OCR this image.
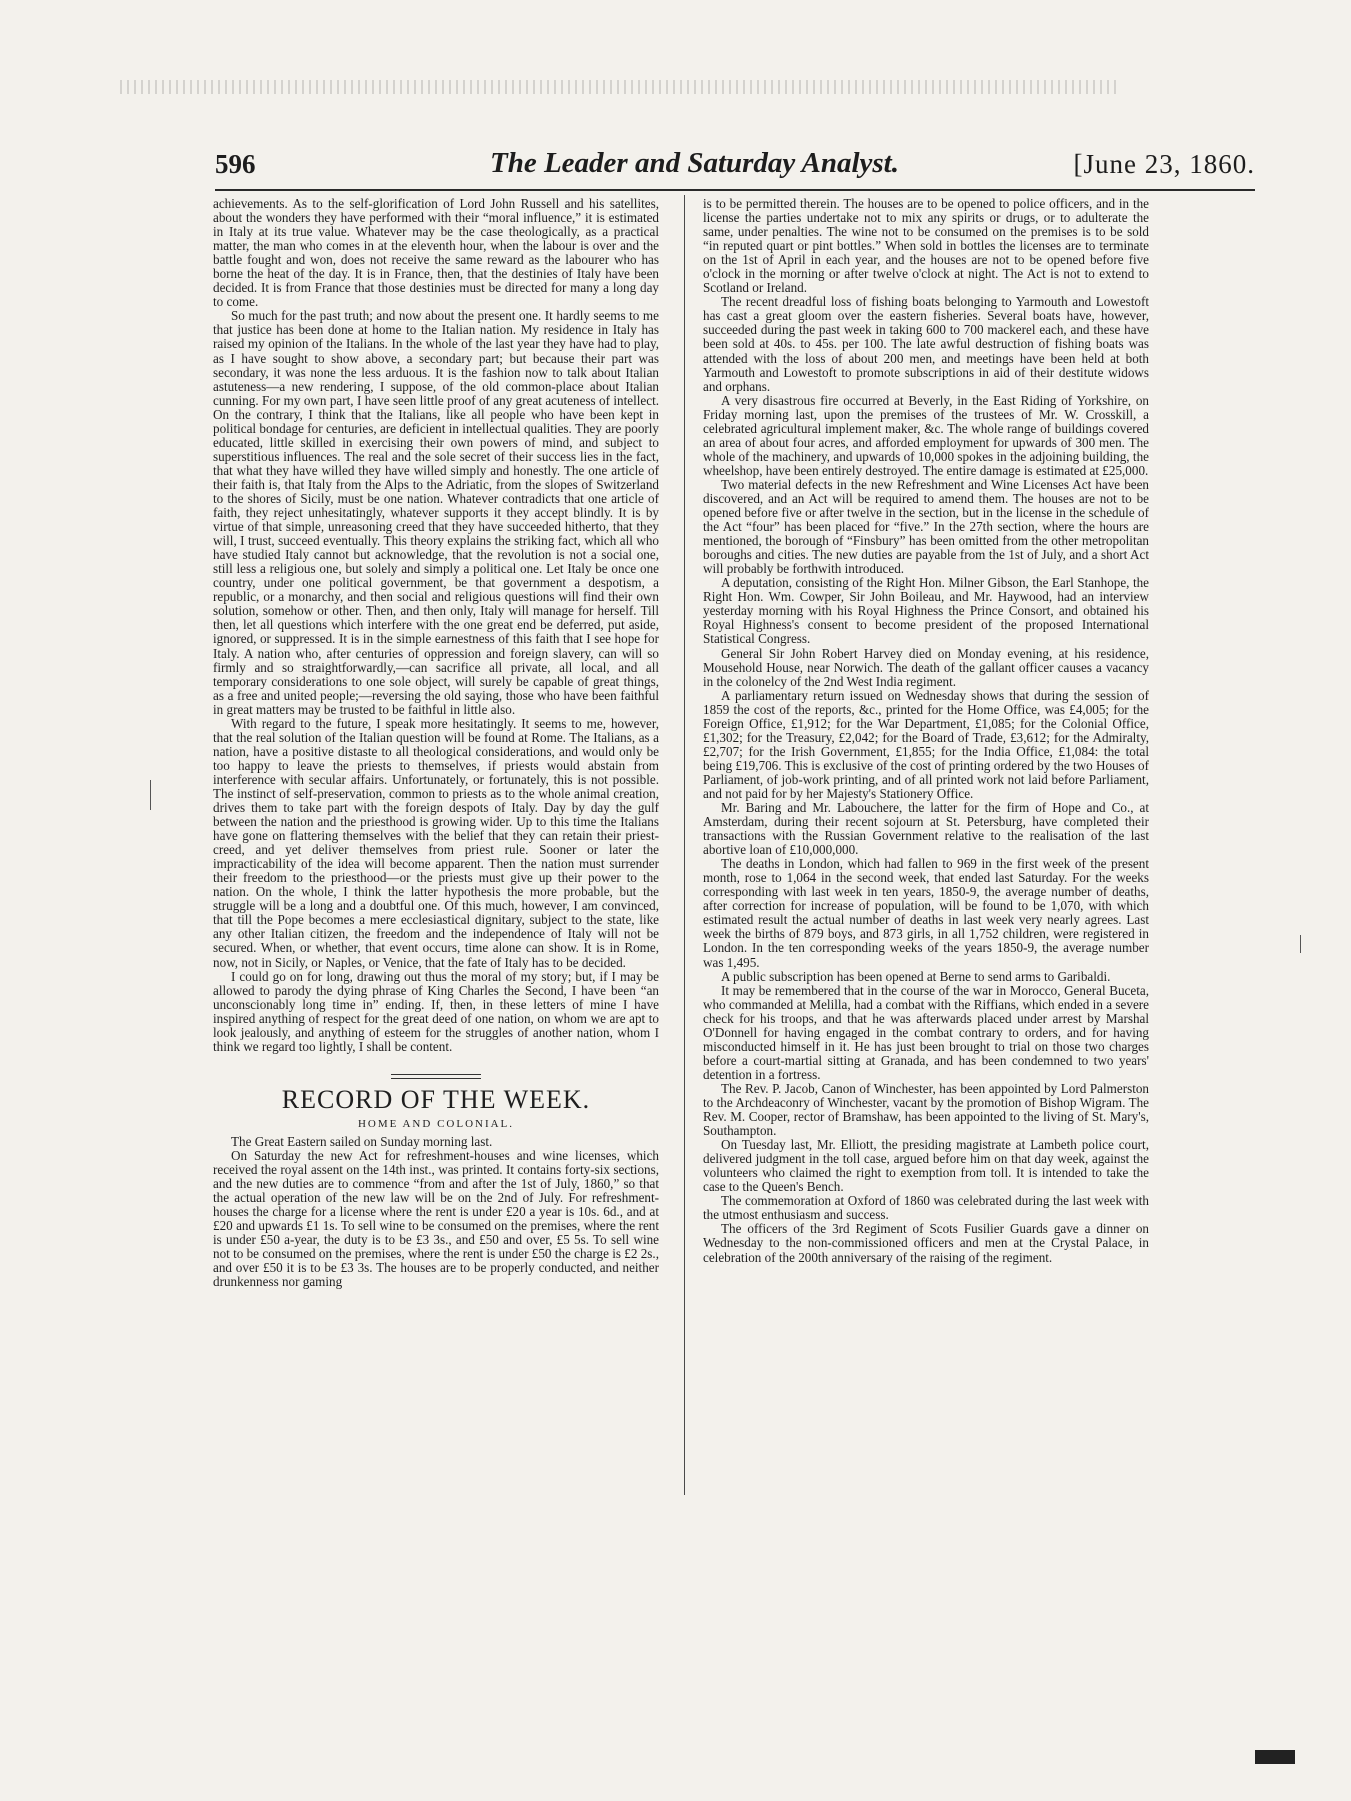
596	The Leader and Saturday Analyst.	[June 23, 1860.

achievements. As to the self-glorification of Lord John Russell and his satellites, about the wonders they have performed with their “moral influence,” it is estimated in Italy at its true value. Whatever may be the case theologically, as a practical matter, the man who comes in at the eleventh hour, when the labour is over and the battle fought and won, does not receive the same reward as the labourer who has borne the heat of the day. It is in France, then, that the destinies of Italy have been decided. It is from France that those destinies must be directed for many a long day to come.

So much for the past truth; and now about the present one. It hardly seems to me that justice has been done at home to the Italian nation. My residence in Italy has raised my opinion of the Italians. In the whole of the last year they have had to play, as I have sought to show above, a secondary part; but because their part was secondary, it was none the less arduous. It is the fashion now to talk about Italian astuteness—a new rendering, I suppose, of the old common-place about Italian cunning. For my own part, I have seen little proof of any great acuteness of intellect. On the contrary, I think that the Italians, like all people who have been kept in political bondage for centuries, are deficient in intellectual qualities. They are poorly educated, little skilled in exercising their own powers of mind, and subject to superstitious influences. The real and the sole secret of their success lies in the fact, that what they have willed they have willed simply and honestly. The one article of their faith is, that Italy from the Alps to the Adriatic, from the slopes of Switzerland to the shores of Sicily, must be one nation. Whatever contradicts that one article of faith, they reject unhesitatingly, whatever supports it they accept blindly. It is by virtue of that simple, unreasoning creed that they have succeeded hitherto, that they will, I trust, succeed eventually. This theory explains the striking fact, which all who have studied Italy cannot but acknowledge, that the revolution is not a social one, still less a religious one, but solely and simply a political one. Let Italy be once one country, under one political government, be that government a despotism, a republic, or a monarchy, and then social and religious questions will find their own solution, somehow or other. Then, and then only, Italy will manage for herself. Till then, let all questions which interfere with the one great end be deferred, put aside, ignored, or suppressed. It is in the simple earnestness of this faith that I see hope for Italy. A nation who, after centuries of oppression and foreign slavery, can will so firmly and so straightforwardly,—can sacrifice all private, all local, and all temporary considerations to one sole object, will surely be capable of great things, as a free and united people;—reversing the old saying, those who have been faithful in great matters may be trusted to be faithful in little also.

With regard to the future, I speak more hesitatingly. It seems to me, however, that the real solution of the Italian question will be found at Rome. The Italians, as a nation, have a positive distaste to all theological considerations, and would only be too happy to leave the priests to themselves, if priests would abstain from interference with secular affairs. Unfortunately, or fortunately, this is not possible. The instinct of self-preservation, common to priests as to the whole animal creation, drives them to take part with the foreign despots of Italy. Day by day the gulf between the nation and the priesthood is growing wider. Up to this time the Italians have gone on flattering themselves with the belief that they can retain their priest-creed, and yet deliver themselves from priest rule. Sooner or later the impracticability of the idea will become apparent. Then the nation must surrender their freedom to the priesthood—or the priests must give up their power to the nation. On the whole, I think the latter hypothesis the more probable, but the struggle will be a long and a doubtful one. Of this much, however, I am convinced, that till the Pope becomes a mere ecclesiastical dignitary, subject to the state, like any other Italian citizen, the freedom and the independence of Italy will not be secured. When, or whether, that event occurs, time alone can show. It is in Rome, now, not in Sicily, or Naples, or Venice, that the fate of Italy has to be decided.

I could go on for long, drawing out thus the moral of my story; but, if I may be allowed to parody the dying phrase of King Charles the Second, I have been “an unconscionably long time in” ending. If, then, in these letters of mine I have inspired anything of respect for the great deed of one nation, on whom we are apt to look jealously, and anything of esteem for the struggles of another nation, whom I think we regard too lightly, I shall be content.

RECORD OF THE WEEK.
HOME AND COLONIAL.

The Great Eastern sailed on Sunday morning last.

On Saturday the new Act for refreshment-houses and wine licenses, which received the royal assent on the 14th inst., was printed. It contains forty-six sections, and the new duties are to commence “from and after the 1st of July, 1860,” so that the actual operation of the new law will be on the 2nd of July. For refreshment-houses the charge for a license where the rent is under £20 a year is 10s. 6d., and at £20 and upwards £1 1s. To sell wine to be consumed on the premises, where the rent is under £50 a-year, the duty is to be £3 3s., and £50 and over, £5 5s. To sell wine not to be consumed on the premises, where the rent is under £50 the charge is £2 2s., and over £50 it is to be £3 3s. The houses are to be properly conducted, and neither drunkenness nor gaming

is to be permitted therein. The houses are to be opened to police officers, and in the license the parties undertake not to mix any spirits or drugs, or to adulterate the same, under penalties. The wine not to be consumed on the premises is to be sold “in reputed quart or pint bottles.” When sold in bottles the licenses are to terminate on the 1st of April in each year, and the houses are not to be opened before five o'clock in the morning or after twelve o'clock at night. The Act is not to extend to Scotland or Ireland.

The recent dreadful loss of fishing boats belonging to Yarmouth and Lowestoft has cast a great gloom over the eastern fisheries. Several boats have, however, succeeded during the past week in taking 600 to 700 mackerel each, and these have been sold at 40s. to 45s. per 100. The late awful destruction of fishing boats was attended with the loss of about 200 men, and meetings have been held at both Yarmouth and Lowestoft to promote subscriptions in aid of their destitute widows and orphans.

A very disastrous fire occurred at Beverly, in the East Riding of Yorkshire, on Friday morning last, upon the premises of the trustees of Mr. W. Crosskill, a celebrated agricultural implement maker, &c. The whole range of buildings covered an area of about four acres, and afforded employment for upwards of 300 men. The whole of the machinery, and upwards of 10,000 spokes in the adjoining building, the wheelshop, have been entirely destroyed. The entire damage is estimated at £25,000.

Two material defects in the new Refreshment and Wine Licenses Act have been discovered, and an Act will be required to amend them. The houses are not to be opened before five or after twelve in the section, but in the license in the schedule of the Act “four” has been placed for “five.” In the 27th section, where the hours are mentioned, the borough of “Finsbury” has been omitted from the other metropolitan boroughs and cities. The new duties are payable from the 1st of July, and a short Act will probably be forthwith introduced.

A deputation, consisting of the Right Hon. Milner Gibson, the Earl Stanhope, the Right Hon. Wm. Cowper, Sir John Boileau, and Mr. Haywood, had an interview yesterday morning with his Royal Highness the Prince Consort, and obtained his Royal Highness's consent to become president of the proposed International Statistical Congress.

General Sir John Robert Harvey died on Monday evening, at his residence, Mousehold House, near Norwich. The death of the gallant officer causes a vacancy in the colonelcy of the 2nd West India regiment.

A parliamentary return issued on Wednesday shows that during the session of 1859 the cost of the reports, &c., printed for the Home Office, was £4,005; for the Foreign Office, £1,912; for the War Department, £1,085; for the Colonial Office, £1,302; for the Treasury, £2,042; for the Board of Trade, £3,612; for the Admiralty, £2,707; for the Irish Government, £1,855; for the India Office, £1,084: the total being £19,706. This is exclusive of the cost of printing ordered by the two Houses of Parliament, of job-work printing, and of all printed work not laid before Parliament, and not paid for by her Majesty's Stationery Office.

Mr. Baring and Mr. Labouchere, the latter for the firm of Hope and Co., at Amsterdam, during their recent sojourn at St. Petersburg, have completed their transactions with the Russian Government relative to the realisation of the last abortive loan of £10,000,000.

The deaths in London, which had fallen to 969 in the first week of the present month, rose to 1,064 in the second week, that ended last Saturday. For the weeks corresponding with last week in ten years, 1850-9, the average number of deaths, after correction for increase of population, will be found to be 1,070, with which estimated result the actual number of deaths in last week very nearly agrees. Last week the births of 879 boys, and 873 girls, in all 1,752 children, were registered in London. In the ten corresponding weeks of the years 1850-9, the average number was 1,495.

A public subscription has been opened at Berne to send arms to Garibaldi.

It may be remembered that in the course of the war in Morocco, General Buceta, who commanded at Melilla, had a combat with the Riffians, which ended in a severe check for his troops, and that he was afterwards placed under arrest by Marshal O'Donnell for having engaged in the combat contrary to orders, and for having misconducted himself in it. He has just been brought to trial on those two charges before a court-martial sitting at Granada, and has been condemned to two years' detention in a fortress.

The Rev. P. Jacob, Canon of Winchester, has been appointed by Lord Palmerston to the Archdeaconry of Winchester, vacant by the promotion of Bishop Wigram. The Rev. M. Cooper, rector of Bramshaw, has been appointed to the living of St. Mary's, Southampton.

On Tuesday last, Mr. Elliott, the presiding magistrate at Lambeth police court, delivered judgment in the toll case, argued before him on that day week, against the volunteers who claimed the right to exemption from toll. It is intended to take the case to the Queen's Bench.

The commemoration at Oxford of 1860 was celebrated during the last week with the utmost enthusiasm and success.

The officers of the 3rd Regiment of Scots Fusilier Guards gave a dinner on Wednesday to the non-commissioned officers and men at the Crystal Palace, in celebration of the 200th anniversary of the raising of the regiment.
